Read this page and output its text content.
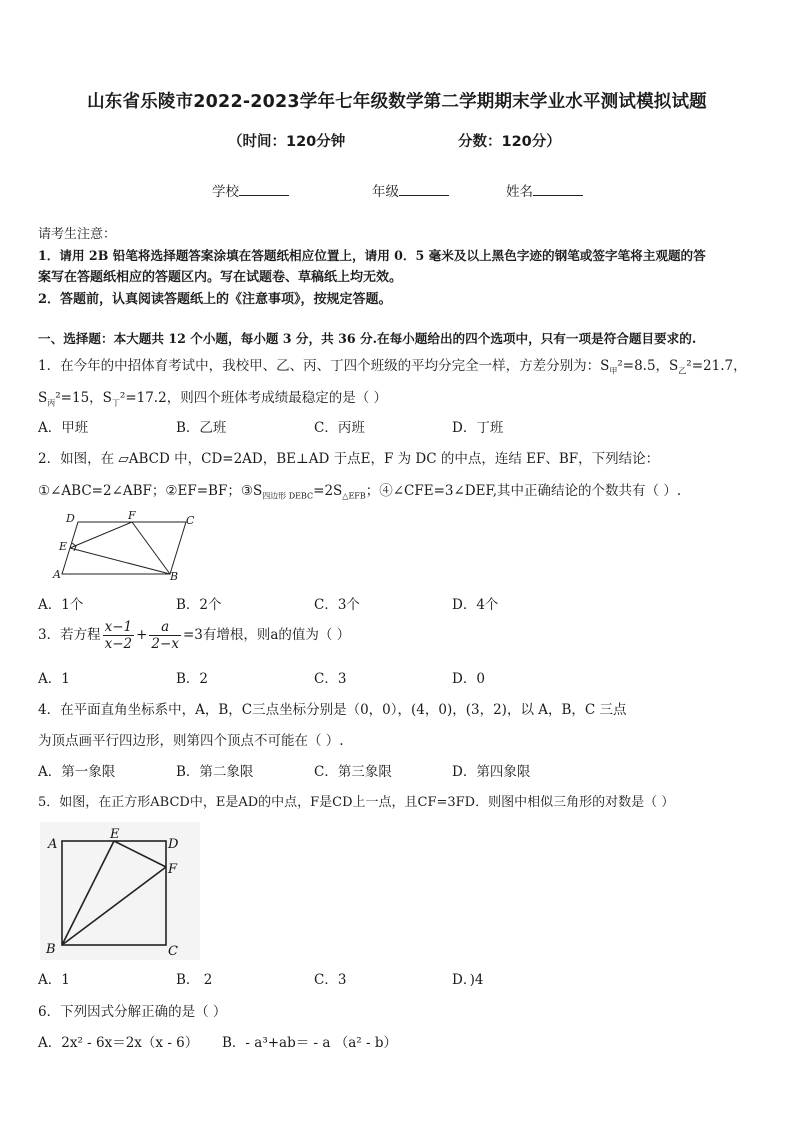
山东省乐陵市2022-2023学年七年级数学第二学期期末学业水平测试模拟试题
（时间：120分钟	分数：120分）
学校	年级	姓名
请考生注意：
1．请用 2B 铅笔将选择题答案涂填在答题纸相应位置上，请用 0．5 毫米及以上黑色字迹的钢笔或签字笔将主观题的答
案写在答题纸相应的答题区内。写在试题卷、草稿纸上均无效。
2．答题前，认真阅读答题纸上的《注意事项》，按规定答题。
一、选择题：本大题共 12 个小题，每小题 3 分，共 36 分.在每小题给出的四个选项中，只有一项是符合题目要求的.
1．在今年的中招体育考试中，我校甲、乙、丙、丁四个班级的平均分完全一样，方差分别为：$S_甲^2=8.5$，$S_乙^2=21.7$，
$S_丙^2=15$，$S_丁^2=17.2$，则四个班体考成绩最稳定的是（ ）
A．甲班	B．乙班	C．丙班	D．丁班
2．如图，在 ▱ABCD 中，CD=2AD，BE⊥AD 于点E，F 为 DC 的中点，连结 EF、BF，下列结论：
①∠ABC=2∠ABF；②EF=BF；$③S_{四边形 DEBC}=2S_{\triangle EFB}$；④∠CFE=3∠DEF,其中正确结论的个数共有（ ）.
D	F	C
E
A	B
A．1个	B．2个	C．3个	D．4个
3．若方程 $\frac{x-1}{x-2} + \frac{a}{2-x} =3$有增根，则a的值为（ ）
A．1	B．2	C．3	D．0
4．在平面直角坐标系中，A，B，C三点坐标分别是（0，0），(4，0)，(3，2)，以 A，B，C 三点
为顶点画平行四边形，则第四个顶点不可能在（ ）.
A．第一象限	B．第二象限	C．第三象限	D．第四象限
5．如图，在正方形ABCD中，E是AD的中点，F是CD上一点，且CF=3FD．则图中相似三角形的对数是（ ）
A
E
D
F
B	C
A．1	B． 2	C．3	D．)4
6．下列因式分解正确的是（ ）
A．2x² - 6x＝2x（x - 6） B．- a³+ab＝ - a （a² - b）
